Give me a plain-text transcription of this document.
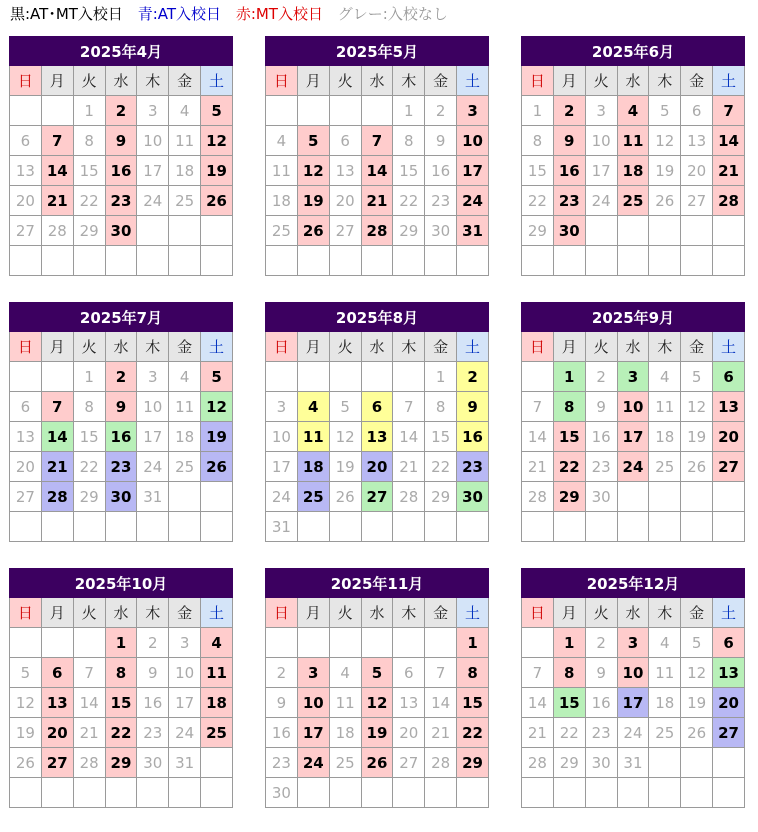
黒:AT･MT入校日 青:AT入校日 赤:MT入校日 グレー:入校なし
2025年4月						
日	月	火	水	木	金	土
		1	2	3	4	5
6	7	8	9	10	11	12
13	14	15	16	17	18	19
20	21	22	23	24	25	26
27	28	29	30			

2025年5月						
日	月	火	水	木	金	土
				1	2	3
4	5	6	7	8	9	10
11	12	13	14	15	16	17
18	19	20	21	22	23	24
25	26	27	28	29	30	31

2025年6月						
日	月	火	水	木	金	土
1	2	3	4	5	6	7
8	9	10	11	12	13	14
15	16	17	18	19	20	21
22	23	24	25	26	27	28
29	30					

2025年7月						
日	月	火	水	木	金	土
		1	2	3	4	5
6	7	8	9	10	11	12
13	14	15	16	17	18	19
20	21	22	23	24	25	26
27	28	29	30	31		

2025年8月						
日	月	火	水	木	金	土
					1	2
3	4	5	6	7	8	9
10	11	12	13	14	15	16
17	18	19	20	21	22	23
24	25	26	27	28	29	30
31						
2025年9月						
日	月	火	水	木	金	土
	1	2	3	4	5	6
7	8	9	10	11	12	13
14	15	16	17	18	19	20
21	22	23	24	25	26	27
28	29	30				

2025年10月						
日	月	火	水	木	金	土
			1	2	3	4
5	6	7	8	9	10	11
12	13	14	15	16	17	18
19	20	21	22	23	24	25
26	27	28	29	30	31	

2025年11月						
日	月	火	水	木	金	土
						1
2	3	4	5	6	7	8
9	10	11	12	13	14	15
16	17	18	19	20	21	22
23	24	25	26	27	28	29
30						
2025年12月						
日	月	火	水	木	金	土
	1	2	3	4	5	6
7	8	9	10	11	12	13
14	15	16	17	18	19	20
21	22	23	24	25	26	27
28	29	30	31			
